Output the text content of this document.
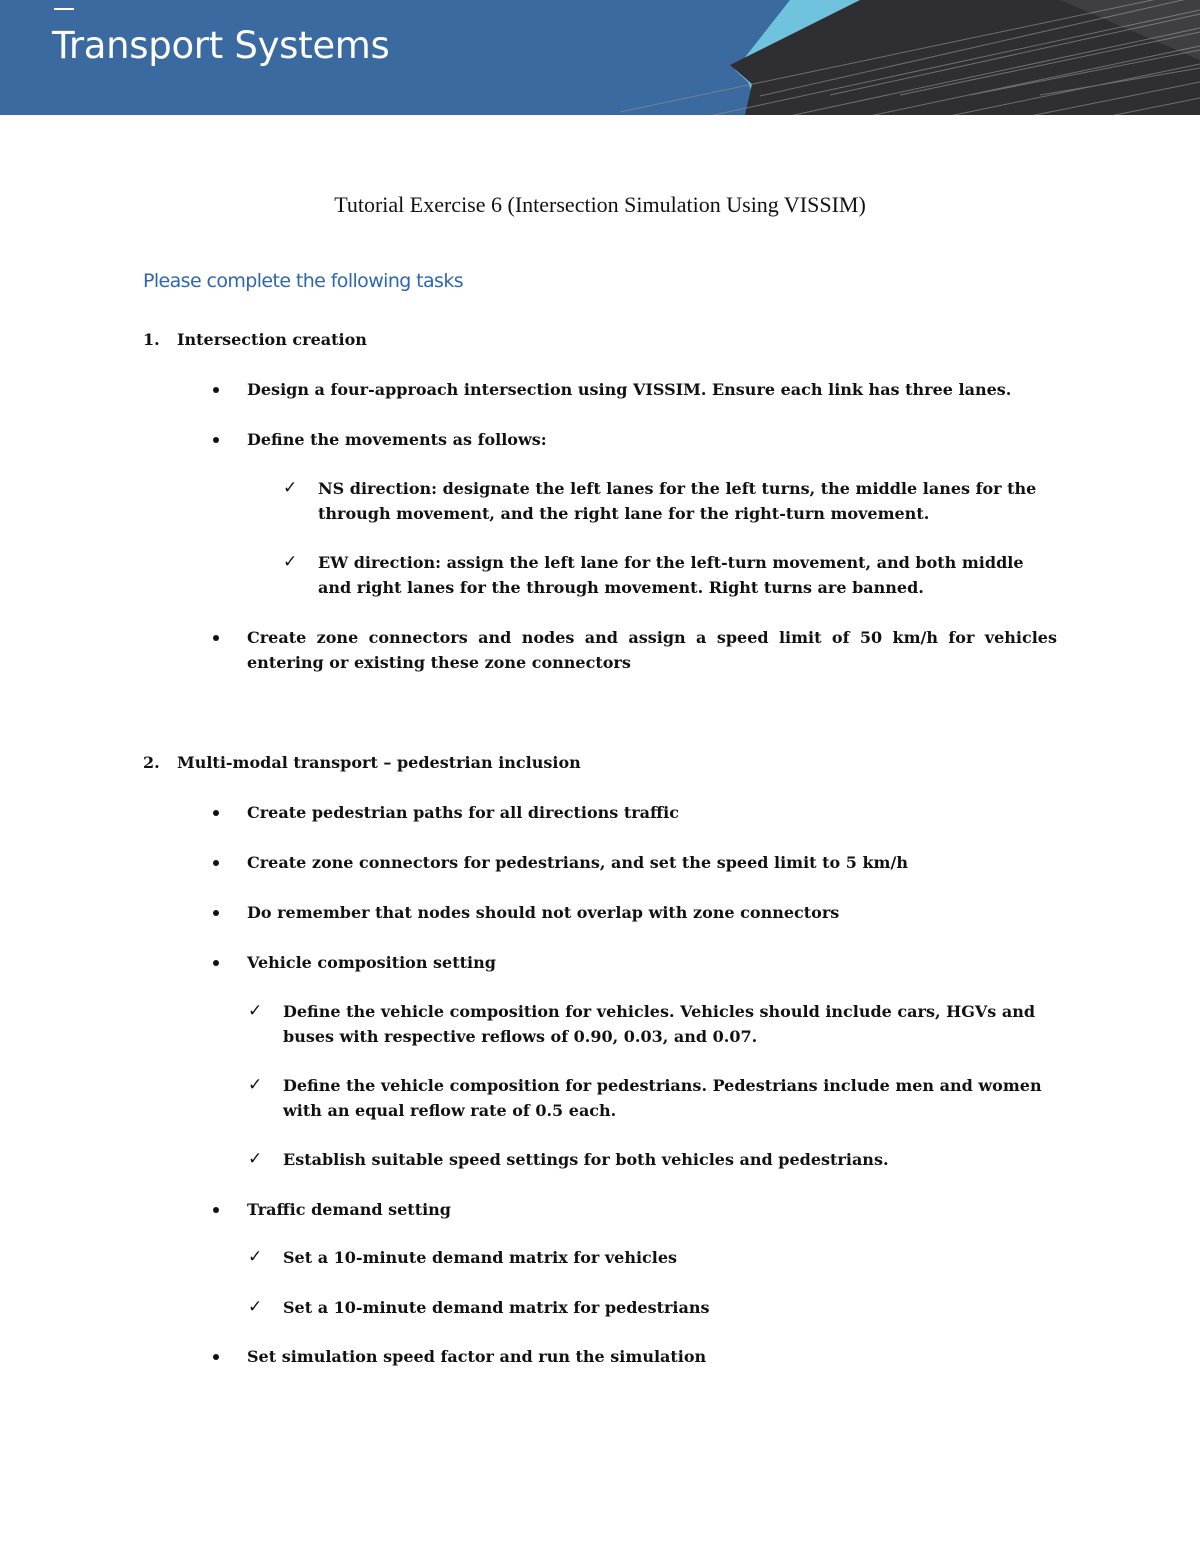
Transport Systems
Tutorial Exercise 6 (Intersection Simulation Using VISSIM)
Please complete the following tasks
1. Intersection creation
Design a four-approach intersection using VISSIM. Ensure each link has three lanes.
Define the movements as follows:
✓ NS direction: designate the left lanes for the left turns, the middle lanes for the through movement, and the right lane for the right-turn movement.
✓ EW direction: assign the left lane for the left-turn movement, and both middle and right lanes for the through movement. Right turns are banned.
Create zone connectors and nodes and assign a speed limit of 50 km/h for vehicles entering or existing these zone connectors
2. Multi-modal transport – pedestrian inclusion
Create pedestrian paths for all directions traffic
Create zone connectors for pedestrians, and set the speed limit to 5 km/h
Do remember that nodes should not overlap with zone connectors
Vehicle composition setting
✓ Define the vehicle composition for vehicles. Vehicles should include cars, HGVs and buses with respective reflows of 0.90, 0.03, and 0.07.
✓ Define the vehicle composition for pedestrians. Pedestrians include men and women with an equal reflow rate of 0.5 each.
✓ Establish suitable speed settings for both vehicles and pedestrians.
Traffic demand setting
✓ Set a 10-minute demand matrix for vehicles
✓ Set a 10-minute demand matrix for pedestrians
Set simulation speed factor and run the simulation
